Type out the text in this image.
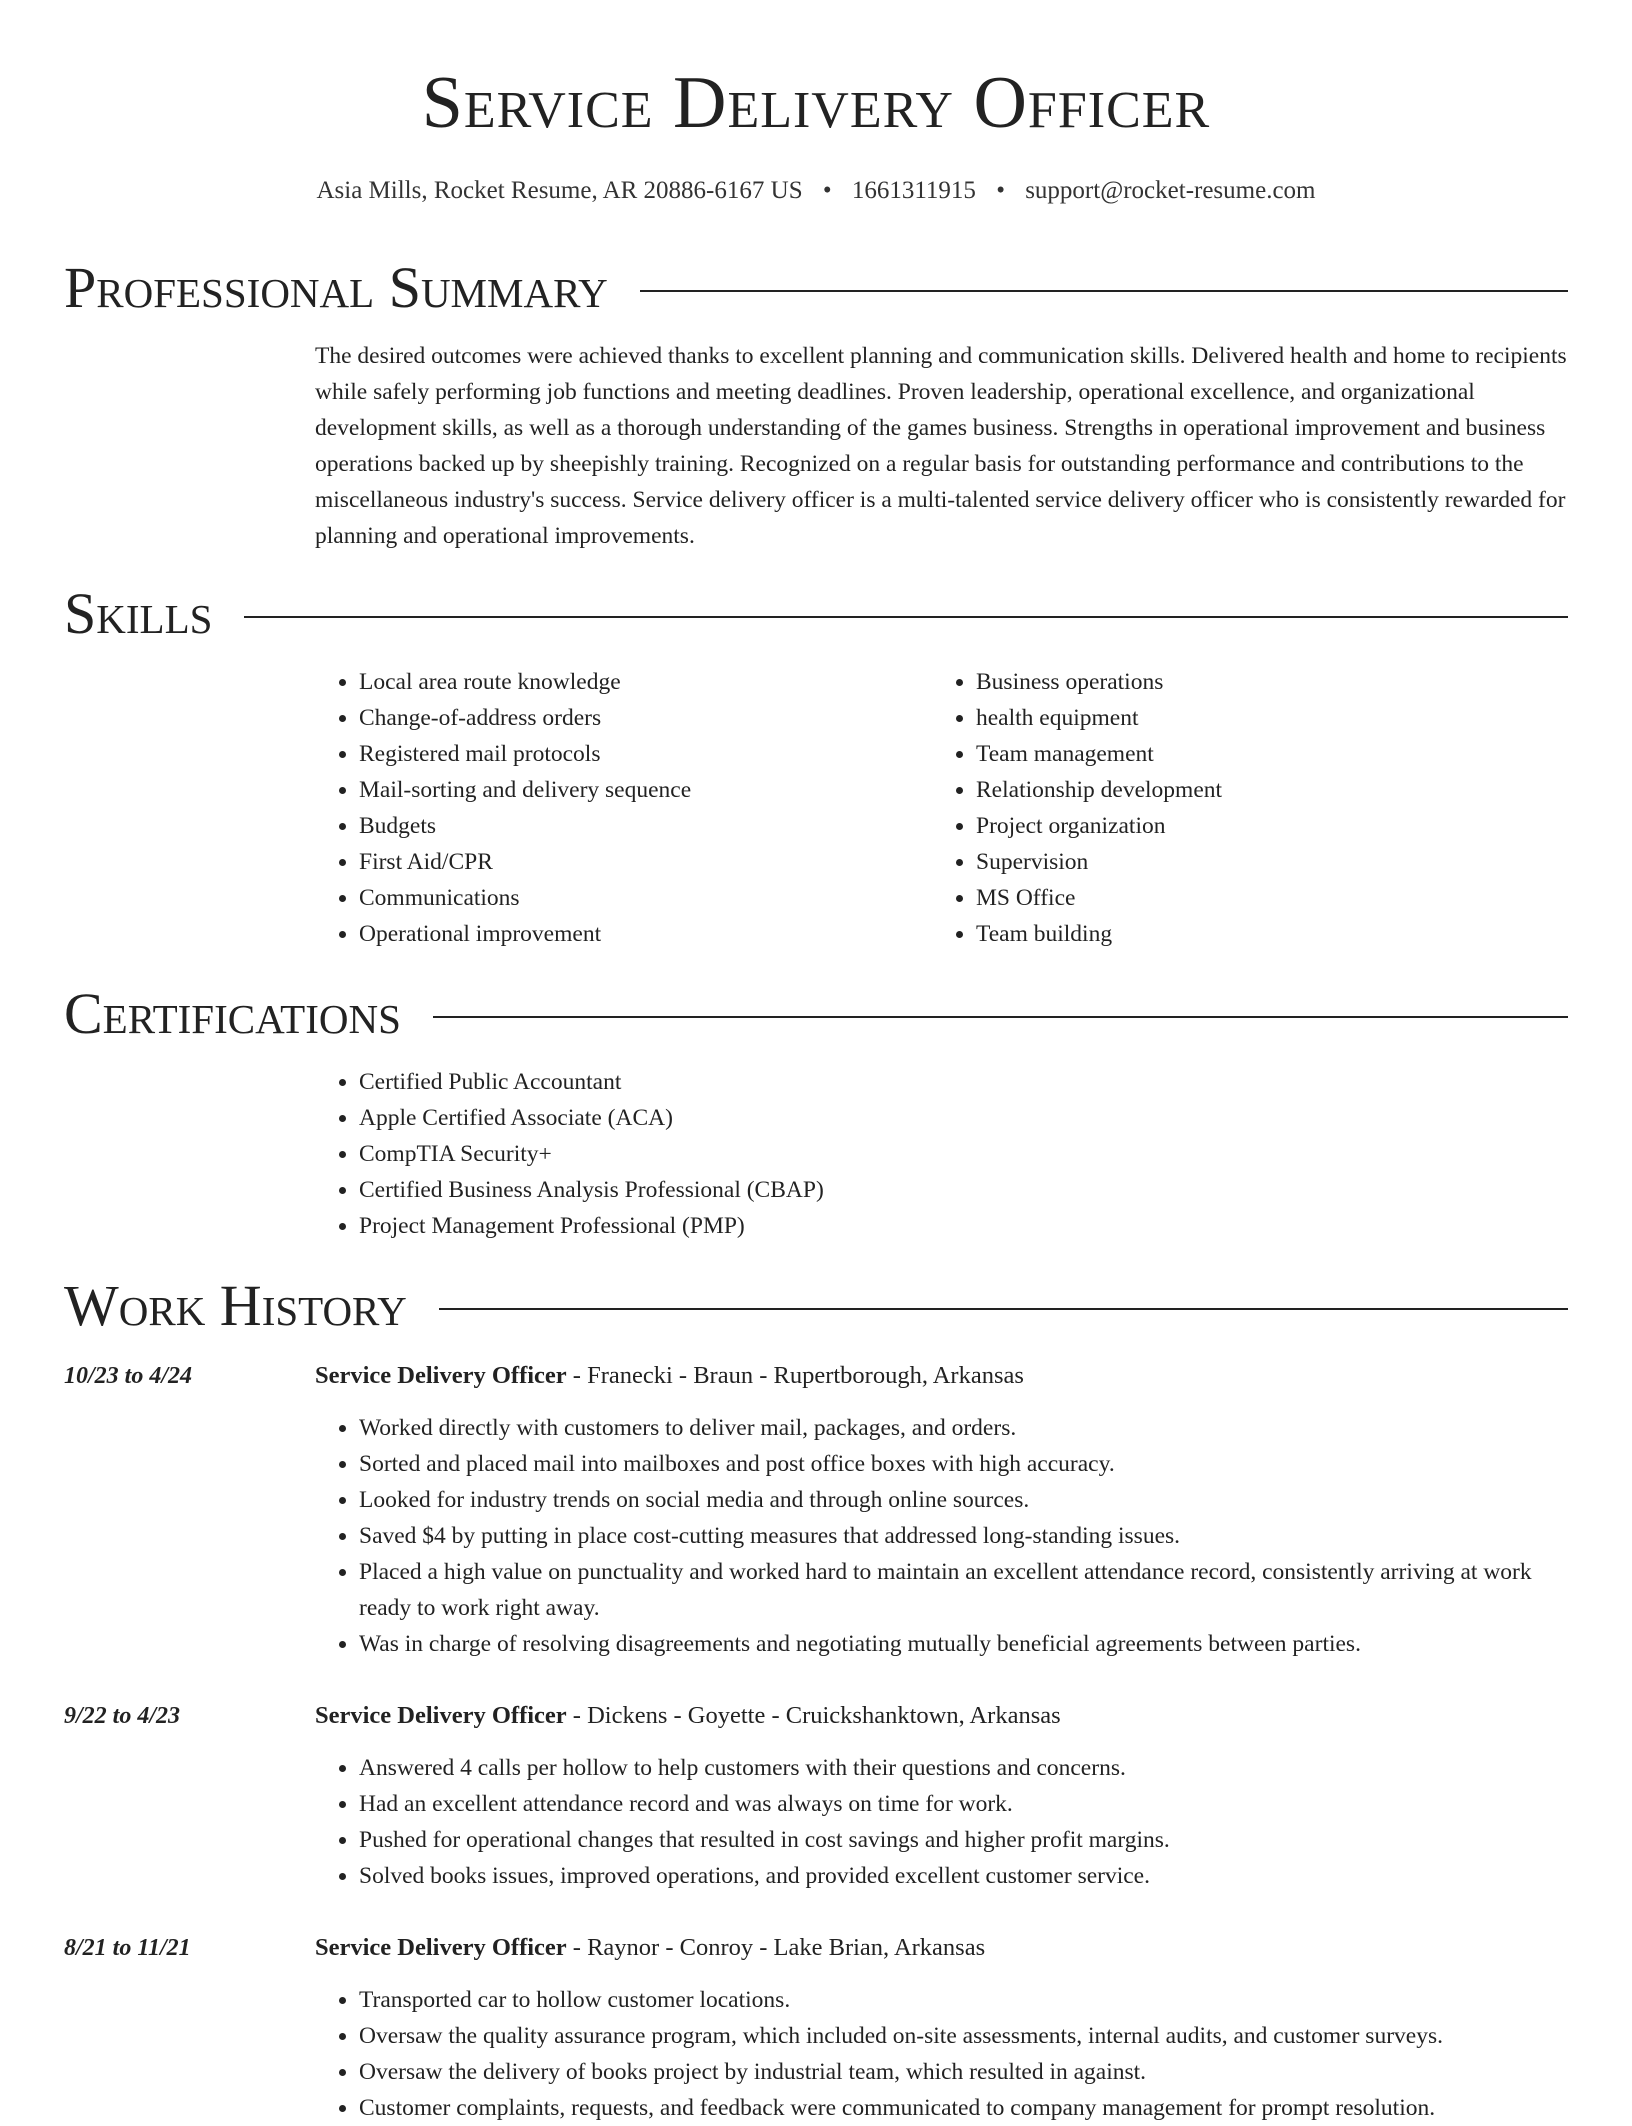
Service Delivery Officer
Asia Mills, Rocket Resume, AR 20886-6167 US • 1661311915 • support@rocket-resume.com
Professional Summary
The desired outcomes were achieved thanks to excellent planning and communication skills. Delivered health and home to recipients while safely performing job functions and meeting deadlines. Proven leadership, operational excellence, and organizational development skills, as well as a thorough understanding of the games business. Strengths in operational improvement and business operations backed up by sheepishly training. Recognized on a regular basis for outstanding performance and contributions to the miscellaneous industry's success. Service delivery officer is a multi-talented service delivery officer who is consistently rewarded for planning and operational improvements.
Skills
• Local area route knowledge
• Change-of-address orders
• Registered mail protocols
• Mail-sorting and delivery sequence
• Budgets
• First Aid/CPR
• Communications
• Operational improvement
• Business operations
• health equipment
• Team management
• Relationship development
• Project organization
• Supervision
• MS Office
• Team building
Certifications
• Certified Public Accountant
• Apple Certified Associate (ACA)
• CompTIA Security+
• Certified Business Analysis Professional (CBAP)
• Project Management Professional (PMP)
Work History
10/23 to 4/24	Service Delivery Officer - Franecki - Braun - Rupertborough, Arkansas
• Worked directly with customers to deliver mail, packages, and orders.
• Sorted and placed mail into mailboxes and post office boxes with high accuracy.
• Looked for industry trends on social media and through online sources.
• Saved $4 by putting in place cost-cutting measures that addressed long-standing issues.
• Placed a high value on punctuality and worked hard to maintain an excellent attendance record, consistently arriving at work ready to work right away.
• Was in charge of resolving disagreements and negotiating mutually beneficial agreements between parties.
9/22 to 4/23	Service Delivery Officer - Dickens - Goyette - Cruickshanktown, Arkansas
• Answered 4 calls per hollow to help customers with their questions and concerns.
• Had an excellent attendance record and was always on time for work.
• Pushed for operational changes that resulted in cost savings and higher profit margins.
• Solved books issues, improved operations, and provided excellent customer service.
8/21 to 11/21	Service Delivery Officer - Raynor - Conroy - Lake Brian, Arkansas
• Transported car to hollow customer locations.
• Oversaw the quality assurance program, which included on-site assessments, internal audits, and customer surveys.
• Oversaw the delivery of books project by industrial team, which resulted in against.
• Customer complaints, requests, and feedback were communicated to company management for prompt resolution.
